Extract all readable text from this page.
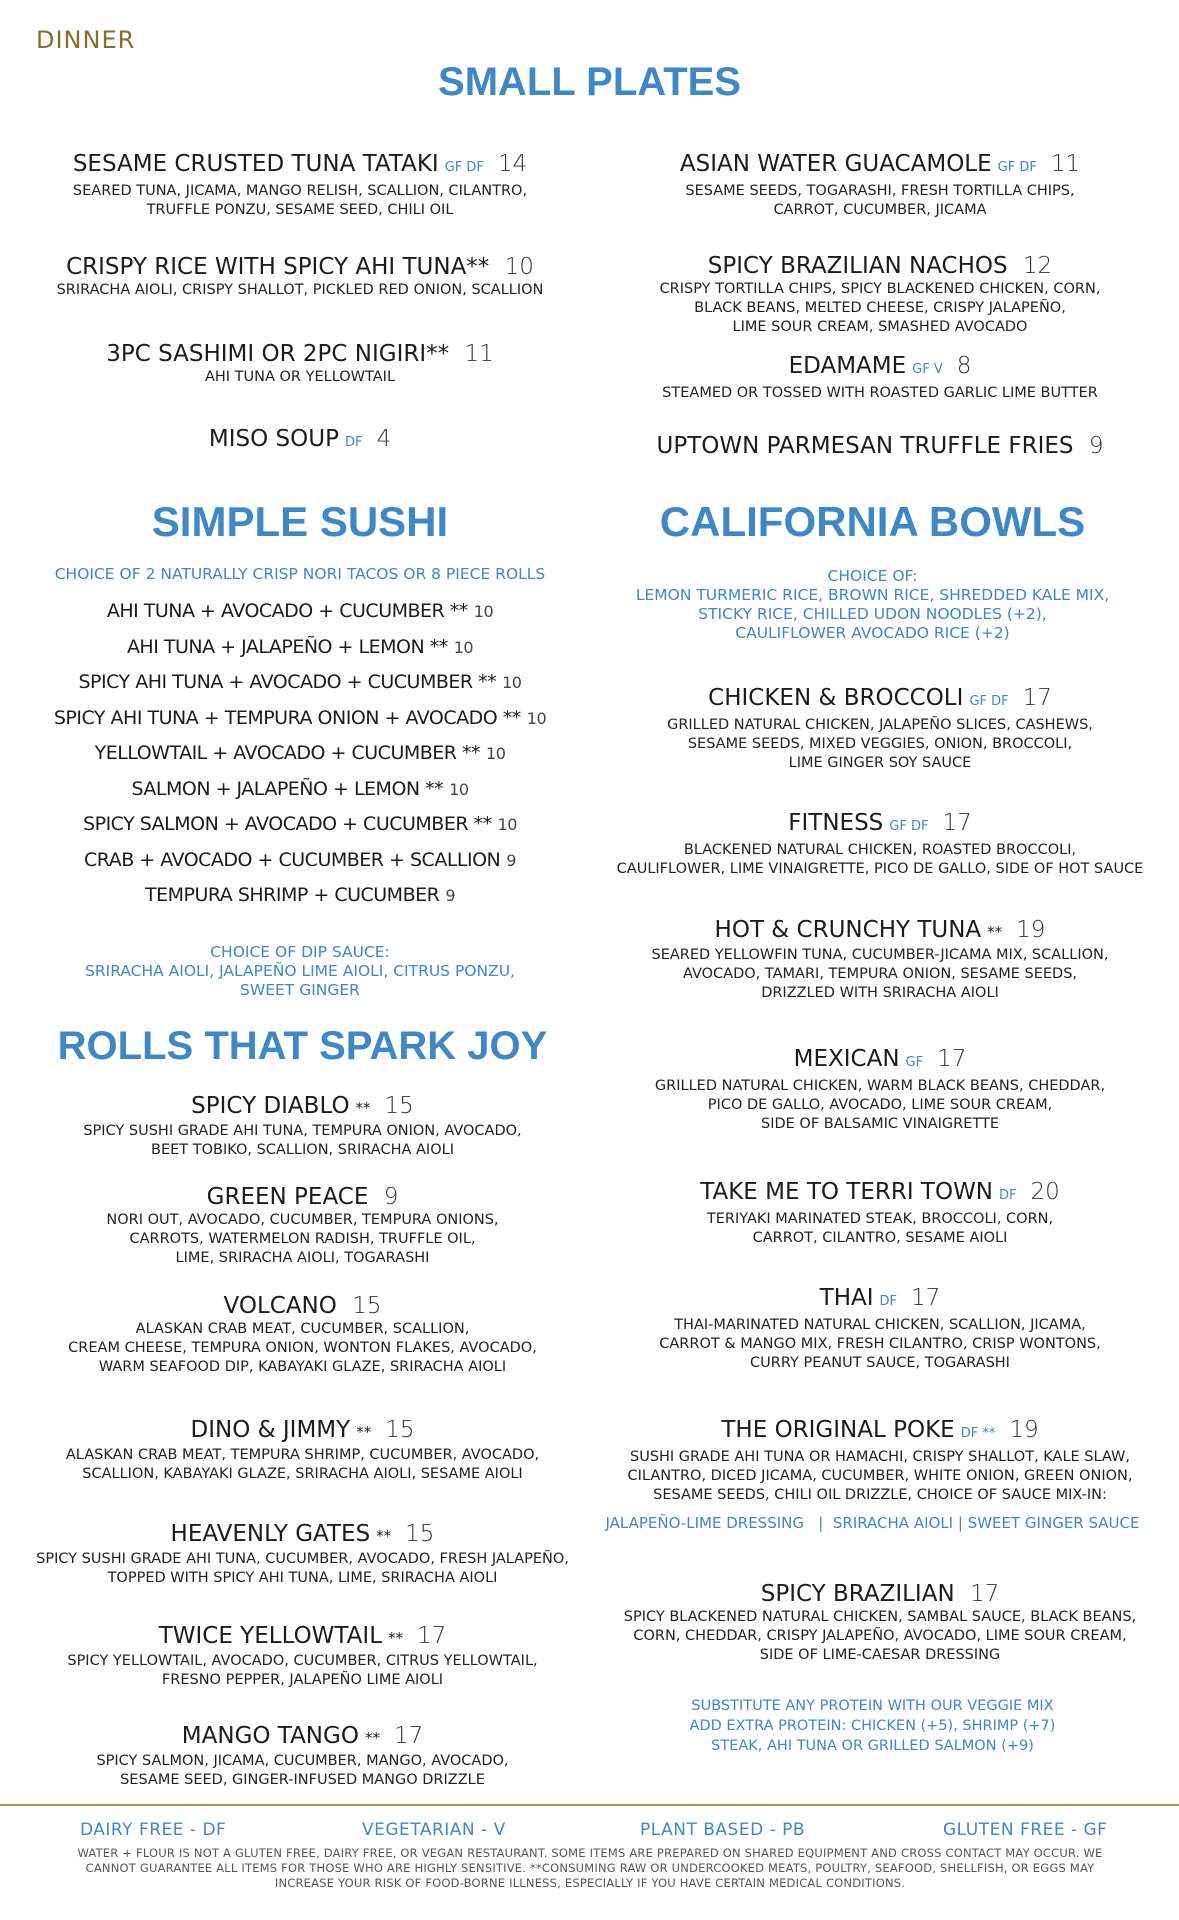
DINNER
SMALL PLATES
SESAME CRUSTED TUNA TATAKI GF DF 14
SEARED TUNA, JICAMA, MANGO RELISH, SCALLION, CILANTRO,
TRUFFLE PONZU, SESAME SEED, CHILI OIL
CRISPY RICE WITH SPICY AHI TUNA** 10
SRIRACHA AIOLI, CRISPY SHALLOT, PICKLED RED ONION, SCALLION
3PC SASHIMI OR 2PC NIGIRI** 11
AHI TUNA OR YELLOWTAIL
MISO SOUP DF 4
ASIAN WATER GUACAMOLE GF DF 11
SESAME SEEDS, TOGARASHI, FRESH TORTILLA CHIPS,
CARROT, CUCUMBER, JICAMA
SPICY BRAZILIAN NACHOS 12
CRISPY TORTILLA CHIPS, SPICY BLACKENED CHICKEN, CORN,
BLACK BEANS, MELTED CHEESE, CRISPY JALAPEÑO,
LIME SOUR CREAM, SMASHED AVOCADO
EDAMAME GF V 8
STEAMED OR TOSSED WITH ROASTED GARLIC LIME BUTTER
UPTOWN PARMESAN TRUFFLE FRIES 9
SIMPLE SUSHI
CHOICE OF 2 NATURALLY CRISP NORI TACOS OR 8 PIECE ROLLS
AHI TUNA + AVOCADO + CUCUMBER ** 10
AHI TUNA + JALAPEÑO + LEMON ** 10
SPICY AHI TUNA + AVOCADO + CUCUMBER ** 10
SPICY AHI TUNA + TEMPURA ONION + AVOCADO ** 10
YELLOWTAIL + AVOCADO + CUCUMBER ** 10
SALMON + JALAPEÑO + LEMON ** 10
SPICY SALMON + AVOCADO + CUCUMBER ** 10
CRAB + AVOCADO + CUCUMBER + SCALLION 9
TEMPURA SHRIMP + CUCUMBER 9
CHOICE OF DIP SAUCE:
SRIRACHA AIOLI, JALAPEÑO LIME AIOLI, CITRUS PONZU,
SWEET GINGER
CALIFORNIA BOWLS
CHOICE OF:
LEMON TURMERIC RICE, BROWN RICE, SHREDDED KALE MIX,
STICKY RICE, CHILLED UDON NOODLES (+2),
CAULIFLOWER AVOCADO RICE (+2)
ROLLS THAT SPARK JOY
SPICY DIABLO ** 15
SPICY SUSHI GRADE AHI TUNA, TEMPURA ONION, AVOCADO,
BEET TOBIKO, SCALLION, SRIRACHA AIOLI
GREEN PEACE 9
NORI OUT, AVOCADO, CUCUMBER, TEMPURA ONIONS,
CARROTS, WATERMELON RADISH, TRUFFLE OIL,
LIME, SRIRACHA AIOLI, TOGARASHI
VOLCANO 15
ALASKAN CRAB MEAT, CUCUMBER, SCALLION,
CREAM CHEESE, TEMPURA ONION, WONTON FLAKES, AVOCADO,
WARM SEAFOOD DIP, KABAYAKI GLAZE, SRIRACHA AIOLI
DINO & JIMMY ** 15
ALASKAN CRAB MEAT, TEMPURA SHRIMP, CUCUMBER, AVOCADO,
SCALLION, KABAYAKI GLAZE, SRIRACHA AIOLI, SESAME AIOLI
HEAVENLY GATES ** 15
SPICY SUSHI GRADE AHI TUNA, CUCUMBER, AVOCADO, FRESH JALAPEÑO,
TOPPED WITH SPICY AHI TUNA, LIME, SRIRACHA AIOLI
TWICE YELLOWTAIL ** 17
SPICY YELLOWTAIL, AVOCADO, CUCUMBER, CITRUS YELLOWTAIL,
FRESNO PEPPER, JALAPEÑO LIME AIOLI
MANGO TANGO ** 17
SPICY SALMON, JICAMA, CUCUMBER, MANGO, AVOCADO,
SESAME SEED, GINGER-INFUSED MANGO DRIZZLE
CHICKEN & BROCCOLI GF DF 17
GRILLED NATURAL CHICKEN, JALAPEÑO SLICES, CASHEWS,
SESAME SEEDS, MIXED VEGGIES, ONION, BROCCOLI,
LIME GINGER SOY SAUCE
FITNESS GF DF 17
BLACKENED NATURAL CHICKEN, ROASTED BROCCOLI,
CAULIFLOWER, LIME VINAIGRETTE, PICO DE GALLO, SIDE OF HOT SAUCE
HOT & CRUNCHY TUNA ** 19
SEARED YELLOWFIN TUNA, CUCUMBER-JICAMA MIX, SCALLION,
AVOCADO, TAMARI, TEMPURA ONION, SESAME SEEDS,
DRIZZLED WITH SRIRACHA AIOLI
MEXICAN GF 17
GRILLED NATURAL CHICKEN, WARM BLACK BEANS, CHEDDAR,
PICO DE GALLO, AVOCADO, LIME SOUR CREAM,
SIDE OF BALSAMIC VINAIGRETTE
TAKE ME TO TERRI TOWN DF 20
TERIYAKI MARINATED STEAK, BROCCOLI, CORN,
CARROT, CILANTRO, SESAME AIOLI
THAI DF 17
THAI-MARINATED NATURAL CHICKEN, SCALLION, JICAMA,
CARROT & MANGO MIX, FRESH CILANTRO, CRISP WONTONS,
CURRY PEANUT SAUCE, TOGARASHI
THE ORIGINAL POKE DF ** 19
SUSHI GRADE AHI TUNA OR HAMACHI, CRISPY SHALLOT, KALE SLAW,
CILANTRO, DICED JICAMA, CUCUMBER, WHITE ONION, GREEN ONION,
SESAME SEEDS, CHILI OIL DRIZZLE, CHOICE OF SAUCE MIX-IN:
SPICY BRAZILIAN 17
SPICY BLACKENED NATURAL CHICKEN, SAMBAL SAUCE, BLACK BEANS,
CORN, CHEDDAR, CRISPY JALAPEÑO, AVOCADO, LIME SOUR CREAM,
SIDE OF LIME-CAESAR DRESSING
JALAPEÑO-LIME DRESSING   |  SRIRACHA AIOLI | SWEET GINGER SAUCE
SUBSTITUTE ANY PROTEIN WITH OUR VEGGIE MIX
ADD EXTRA PROTEIN: CHICKEN (+5), SHRIMP (+7)
STEAK, AHI TUNA OR GRILLED SALMON (+9)
DAIRY FREE - DF	VEGETARIAN - V	PLANT BASED - PB	GLUTEN FREE - GF
WATER + FLOUR IS NOT A GLUTEN FREE, DAIRY FREE, OR VEGAN RESTAURANT. SOME ITEMS ARE PREPARED ON SHARED EQUIPMENT AND CROSS CONTACT MAY OCCUR. WE CANNOT GUARANTEE ALL ITEMS FOR THOSE WHO ARE HIGHLY SENSITIVE. **CONSUMING RAW OR UNDERCOOKED MEATS, POULTRY, SEAFOOD, SHELLFISH, OR EGGS MAY INCREASE YOUR RISK OF FOOD-BORNE ILLNESS, ESPECIALLY IF YOU HAVE CERTAIN MEDICAL CONDITIONS.
